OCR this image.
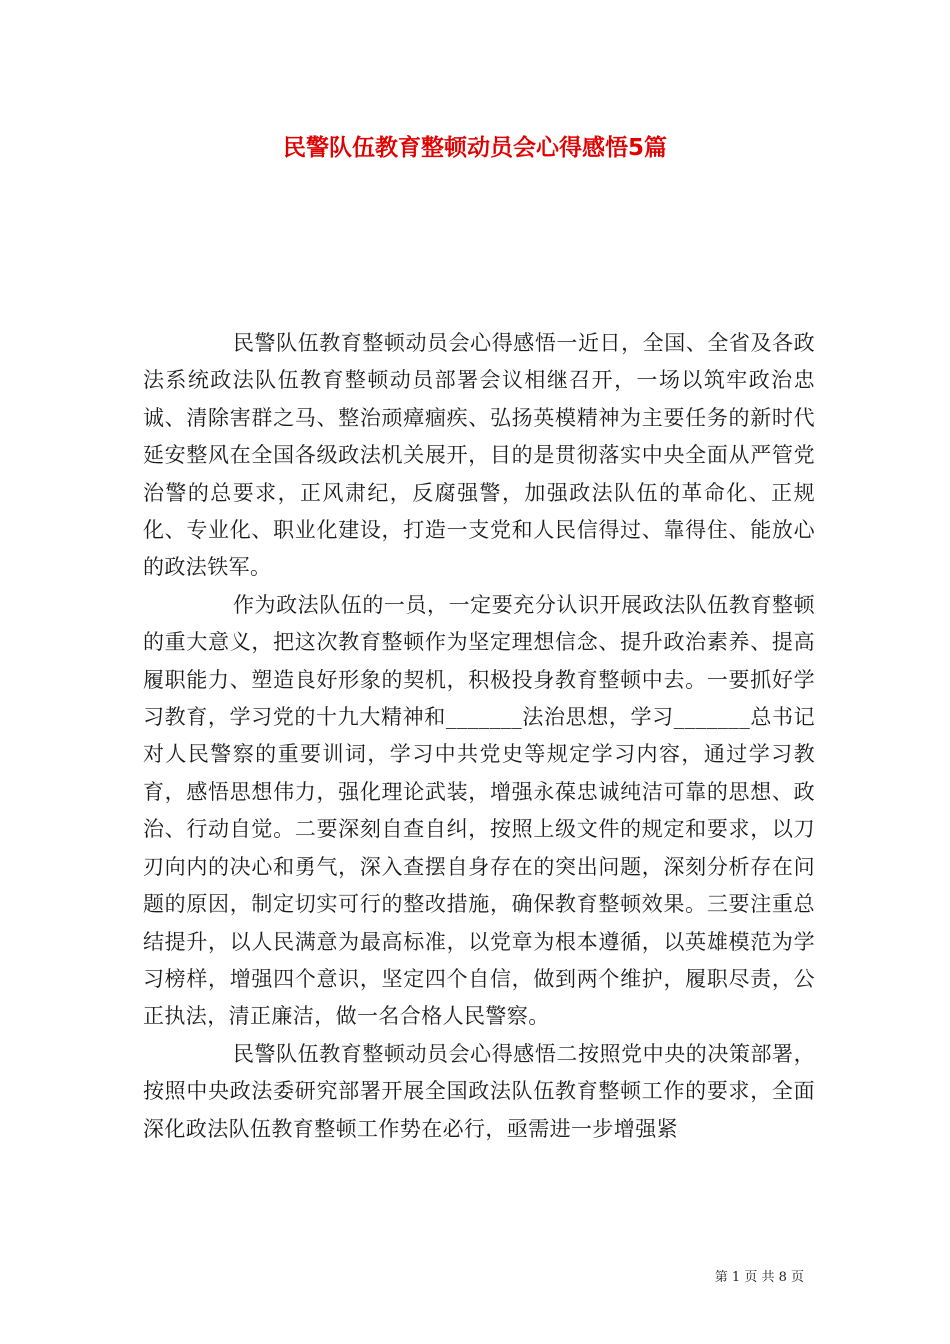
民警队伍教育整顿动员会心得感悟5篇

民警队伍教育整顿动员会心得感悟一近日，全国、全省及各政法系统政法队伍教育整顿动员部署会议相继召开，一场以筑牢政治忠诚、清除害群之马、整治顽瘴痼疾、弘扬英模精神为主要任务的新时代延安整风在全国各级政法机关展开，目的是贯彻落实中央全面从严管党治警的总要求，正风肃纪，反腐强警，加强政法队伍的革命化、正规化、专业化、职业化建设，打造一支党和人民信得过、靠得住、能放心的政法铁军。

作为政法队伍的一员，一定要充分认识开展政法队伍教育整顿的重大意义，把这次教育整顿作为坚定理想信念、提升政治素养、提高履职能力、塑造良好形象的契机，积极投身教育整顿中去。一要抓好学习教育，学习党的十九大精神和_______法治思想，学习_______总书记对人民警察的重要训词，学习中共党史等规定学习内容，通过学习教育，感悟思想伟力，强化理论武装，增强永葆忠诚纯洁可靠的思想、政治、行动自觉。二要深刻自查自纠，按照上级文件的规定和要求，以刀刃向内的决心和勇气，深入查摆自身存在的突出问题，深刻分析存在问题的原因，制定切实可行的整改措施，确保教育整顿效果。三要注重总结提升，以人民满意为最高标准，以党章为根本遵循，以英雄模范为学习榜样，增强四个意识，坚定四个自信，做到两个维护，履职尽责，公正执法，清正廉洁，做一名合格人民警察。

民警队伍教育整顿动员会心得感悟二按照党中央的决策部署，按照中央政法委研究部署开展全国政法队伍教育整顿工作的要求，全面深化政法队伍教育整顿工作势在必行，亟需进一步增强紧

第 1 页 共 8 页
